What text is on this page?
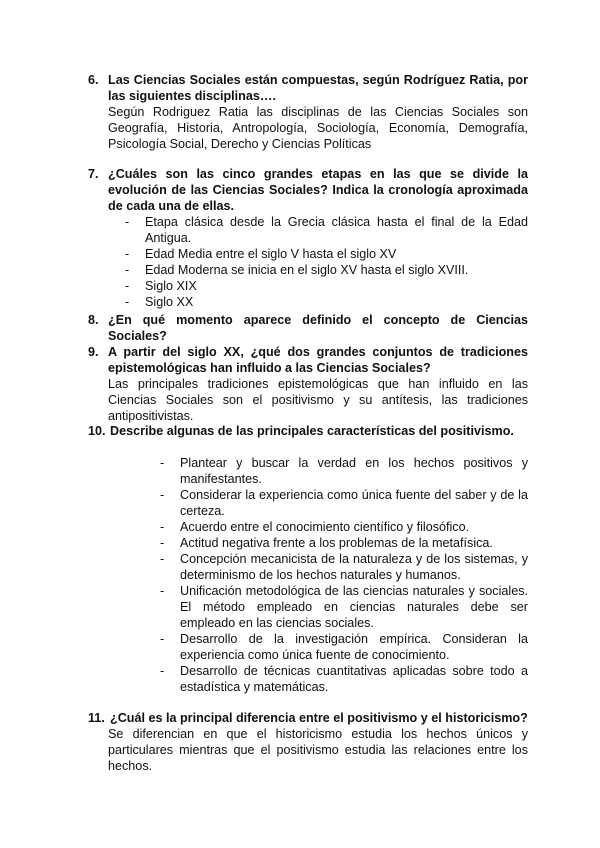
6. Las Ciencias Sociales están compuestas, según Rodríguez Ratia, por las siguientes disciplinas….
Según Rodriguez Ratia las disciplinas de las Ciencias Sociales son Geografía, Historia, Antropología, Sociología, Economía, Demografía, Psicología Social, Derecho y Ciencias Políticas
7. ¿Cuáles son las cinco grandes etapas en las que se divide la evolución de las Ciencias Sociales? Indica la cronología aproximada de cada una de ellas.
-	Etapa clásica desde la Grecia clásica hasta el final de la Edad Antigua.
-	Edad Media entre el siglo V hasta el siglo XV
-	Edad Moderna se inicia en el siglo XV hasta el siglo XVIII.
-	Siglo XIX
-	Siglo XX
8. ¿En qué momento aparece definido el concepto de Ciencias Sociales?
9. A partir del siglo XX, ¿qué dos grandes conjuntos de tradiciones epistemológicas han influido a las Ciencias Sociales?
Las principales tradiciones epistemológicas que han influido en las Ciencias Sociales son el positivismo y su antítesis, las tradiciones antipositivistas.
10. Describe algunas de las principales características del positivismo.
-	Plantear y buscar la verdad en los hechos positivos y manifestantes.
-	Considerar la experiencia como única fuente del saber y de la certeza.
-	Acuerdo entre el conocimiento científico y filosófico.
-	Actitud negativa frente a los problemas de la metafísica.
-	Concepción mecanicista de la naturaleza y de los sistemas, y determinismo de los hechos naturales y humanos.
-	Unificación metodológica de las ciencias naturales y sociales. El método empleado en ciencias naturales debe ser empleado en las ciencias sociales.
-	Desarrollo de la investigación empírica. Consideran la experiencia como única fuente de conocimiento.
-	Desarrollo de técnicas cuantitativas aplicadas sobre todo a estadística y matemáticas.
11. ¿Cuál es la principal diferencia entre el positivismo y el historicismo?
Se diferencian en que el historicismo estudia los hechos únicos y particulares mientras que el positivismo estudia las relaciones entre los hechos.
